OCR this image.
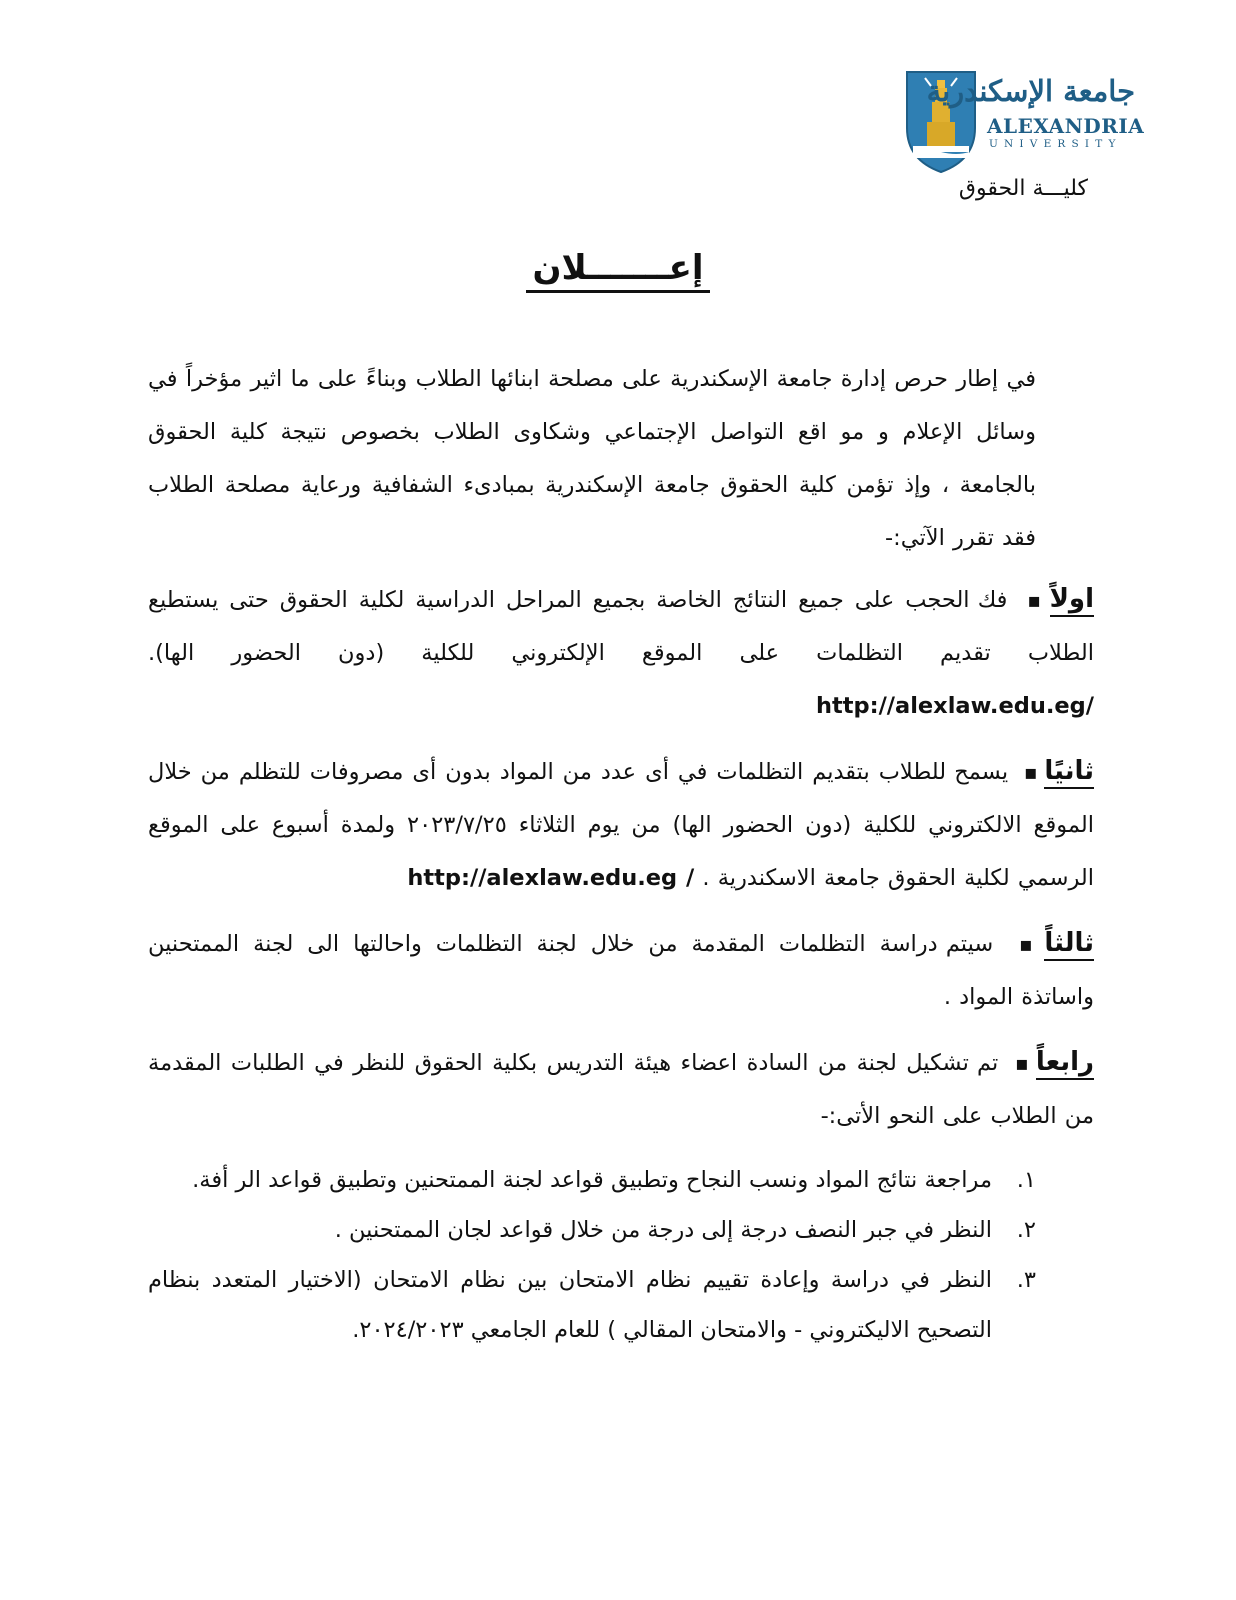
جامعة الإسكندرية
ALEXANDRIA
UNIVERSITY
كليـــة الحقوق
إعـــــــلان

في إطار حرص إدارة جامعة الإسكندرية على مصلحة ابنائها الطلاب وبناءً على ما اثير مؤخراً في وسائل الإعلام و مو اقع التواصل الإجتماعي وشكاوى الطلاب بخصوص نتيجة كلية الحقوق بالجامعة ، وإذ تؤمن كلية الحقوق جامعة الإسكندرية بمبادىء الشفافية ورعاية مصلحة الطلاب فقد تقرر الآتي:-

اولاً▪ فك الحجب على جميع النتائج الخاصة بجميع المراحل الدراسية لكلية الحقوق حتى يستطيع الطلاب تقديم التظلمات على الموقع الإلكتروني للكلية (دون الحضور الها). http://alexlaw.edu.eg/

ثانيًا▪ يسمح للطلاب بتقديم التظلمات في أى عدد من المواد بدون أى مصروفات للتظلم من خلال الموقع الالكتروني للكلية (دون الحضور الها) من يوم الثلاثاء ٢٠٢٣/٧/٢٥ ولمدة أسبوع على الموقع الرسمي لكلية الحقوق جامعة الاسكندرية . http://alexlaw.edu.eg /

ثالثاً▪ سيتم دراسة التظلمات المقدمة من خلال لجنة التظلمات واحالتها الى لجنة الممتحنين واساتذة المواد .

رابعاً▪ تم تشكيل لجنة من السادة اعضاء هيئة التدريس بكلية الحقوق للنظر في الطلبات المقدمة من الطلاب على النحو الأتى:-

١.
مراجعة نتائج المواد ونسب النجاح وتطبيق قواعد لجنة الممتحنين وتطبيق قواعد الر أفة.
٢.
النظر في جبر النصف درجة إلى درجة من خلال قواعد لجان الممتحنين .
٣.
النظر في دراسة وإعادة تقييم نظام الامتحان بين نظام الامتحان (الاختيار المتعدد بنظام التصحيح الاليكتروني - والامتحان المقالي ) للعام الجامعي ٢٠٢٤/٢٠٢٣.
